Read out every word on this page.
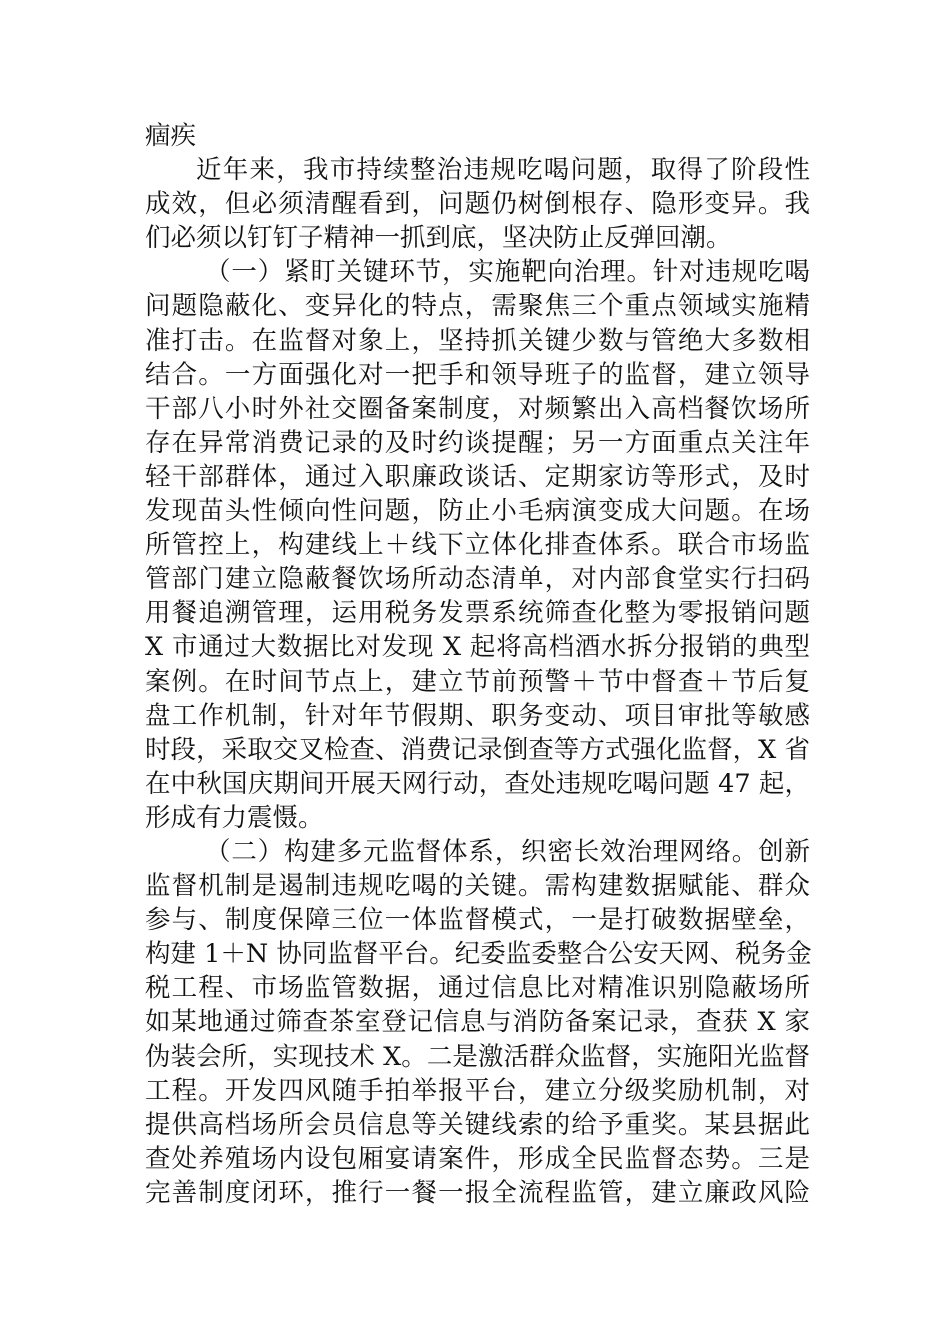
痼疾
近年来，我市持续整治违规吃喝问题，取得了阶段性
成效，但必须清醒看到，问题仍树倒根存、隐形变异。我
们必须以钉钉子精神一抓到底，坚决防止反弹回潮。
（一）紧盯关键环节，实施靶向治理。针对违规吃喝
问题隐蔽化、变异化的特点，需聚焦三个重点领域实施精
准打击。在监督对象上，坚持抓关键少数与管绝大多数相
结合。一方面强化对一把手和领导班子的监督，建立领导
干部八小时外社交圈备案制度，对频繁出入高档餐饮场所
存在异常消费记录的及时约谈提醒；另一方面重点关注年
轻干部群体，通过入职廉政谈话、定期家访等形式，及时
发现苗头性倾向性问题，防止小毛病演变成大问题。在场
所管控上，构建线上＋线下立体化排查体系。联合市场监
管部门建立隐蔽餐饮场所动态清单，对内部食堂实行扫码
用餐追溯管理，运用税务发票系统筛查化整为零报销问题
X 市通过大数据比对发现 X 起将高档酒水拆分报销的典型
案例。在时间节点上，建立节前预警＋节中督查＋节后复
盘工作机制，针对年节假期、职务变动、项目审批等敏感
时段，采取交叉检查、消费记录倒查等方式强化监督，X 省
在中秋国庆期间开展天网行动，查处违规吃喝问题 47 起，
形成有力震慑。
（二）构建多元监督体系，织密长效治理网络。创新
监督机制是遏制违规吃喝的关键。需构建数据赋能、群众
参与、制度保障三位一体监督模式，一是打破数据壁垒，
构建 1＋N 协同监督平台。纪委监委整合公安天网、税务金
税工程、市场监管数据，通过信息比对精准识别隐蔽场所
如某地通过筛查茶室登记信息与消防备案记录，查获 X 家
伪装会所，实现技术 X。二是激活群众监督，实施阳光监督
工程。开发四风随手拍举报平台，建立分级奖励机制，对
提供高档场所会员信息等关键线索的给予重奖。某县据此
查处养殖场内设包厢宴请案件，形成全民监督态势。三是
完善制度闭环，推行一餐一报全流程监管，建立廉政风险
